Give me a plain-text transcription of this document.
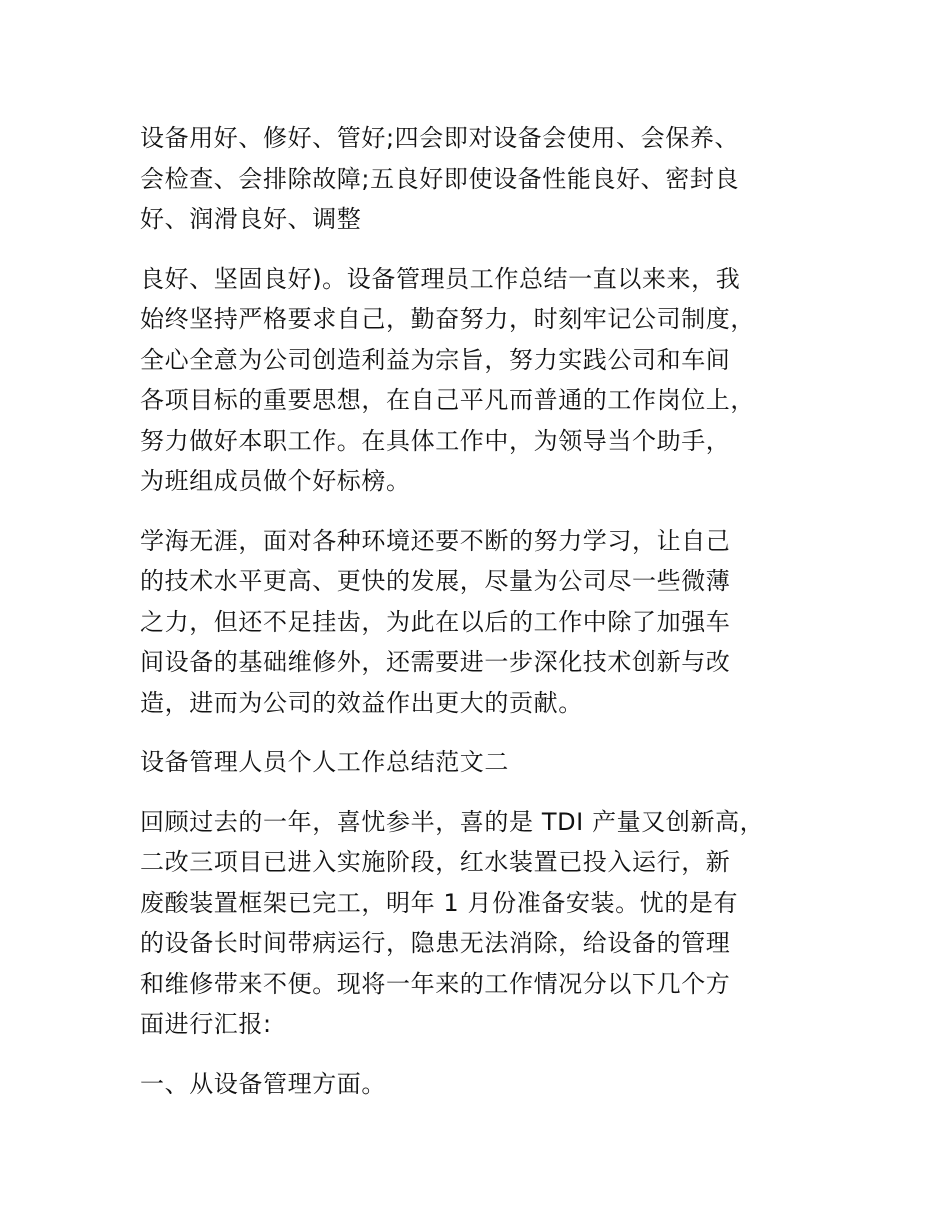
设备用好、修好、管好;四会即对设备会使用、会保养、
会检查、会排除故障;五良好即使设备性能良好、密封良
好、润滑良好、调整

良好、坚固良好)。设备管理员工作总结一直以来来，我
始终坚持严格要求自己，勤奋努力，时刻牢记公司制度，
全心全意为公司创造利益为宗旨，努力实践公司和车间
各项目标的重要思想，在自己平凡而普通的工作岗位上，
努力做好本职工作。在具体工作中，为领导当个助手，
为班组成员做个好标榜。

学海无涯，面对各种环境还要不断的努力学习，让自己
的技术水平更高、更快的发展，尽量为公司尽一些微薄
之力，但还不足挂齿，为此在以后的工作中除了加强车
间设备的基础维修外，还需要进一步深化技术创新与改
造，进而为公司的效益作出更大的贡献。

设备管理人员个人工作总结范文二

回顾过去的一年，喜忧参半，喜的是 TDI 产量又创新高，
二改三项目已进入实施阶段，红水装置已投入运行，新
废酸装置框架已完工，明年 1 月份准备安装。忧的是有
的设备长时间带病运行，隐患无法消除，给设备的管理
和维修带来不便。现将一年来的工作情况分以下几个方
面进行汇报:

一、从设备管理方面。
